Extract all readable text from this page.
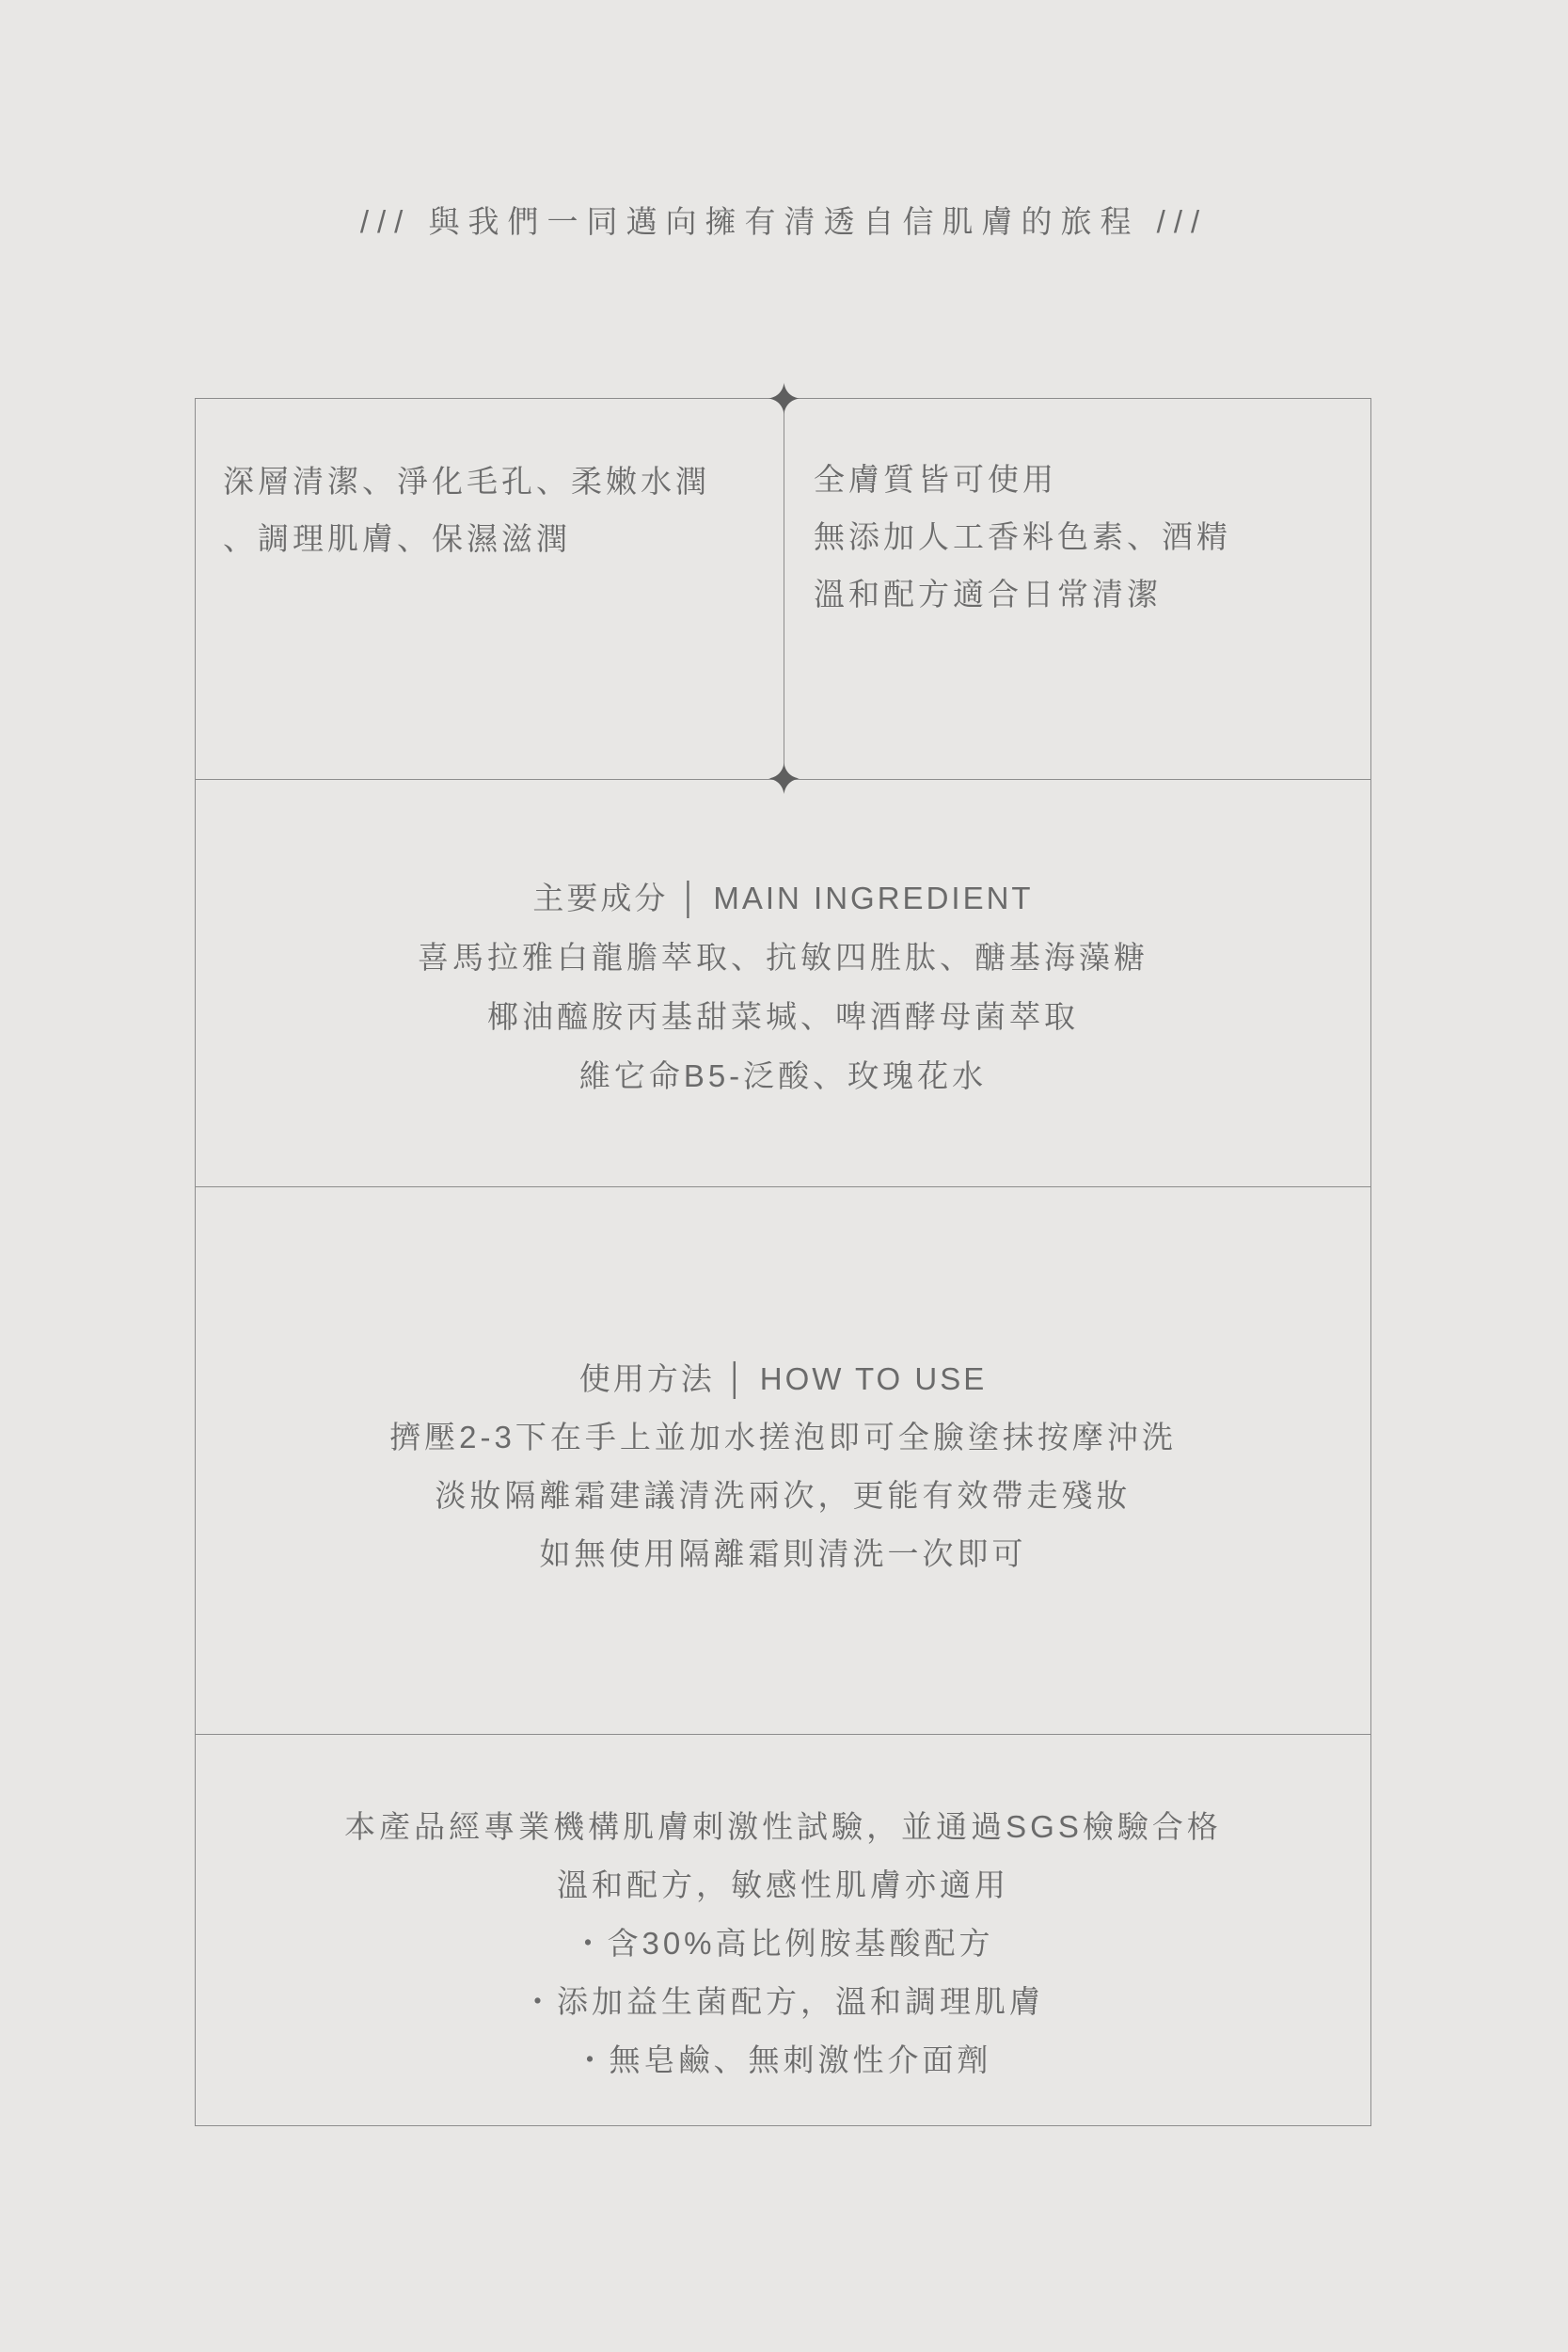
/// 與我們一同邁向擁有清透自信肌膚的旅程 ///
深層清潔、淨化毛孔、柔嫩水潤
、調理肌膚、保濕滋潤
全膚質皆可使用
無添加人工香料色素、酒精
溫和配方適合日常清潔
主要成分 │ MAIN INGREDIENT
喜馬拉雅白龍膽萃取、抗敏四胜肽、醣基海藻糖
椰油醯胺丙基甜菜堿、啤酒酵母菌萃取
維它命B5-泛酸、玫瑰花水
使用方法 │ HOW TO USE
擠壓2-3下在手上並加水搓泡即可全臉塗抹按摩沖洗
淡妝隔離霜建議清洗兩次，更能有效帶走殘妝
如無使用隔離霜則清洗一次即可
本產品經專業機構肌膚刺激性試驗，並通過SGS檢驗合格
溫和配方，敏感性肌膚亦適用
・含30%高比例胺基酸配方
・添加益生菌配方，溫和調理肌膚
・無皂鹼、無刺激性介面劑
